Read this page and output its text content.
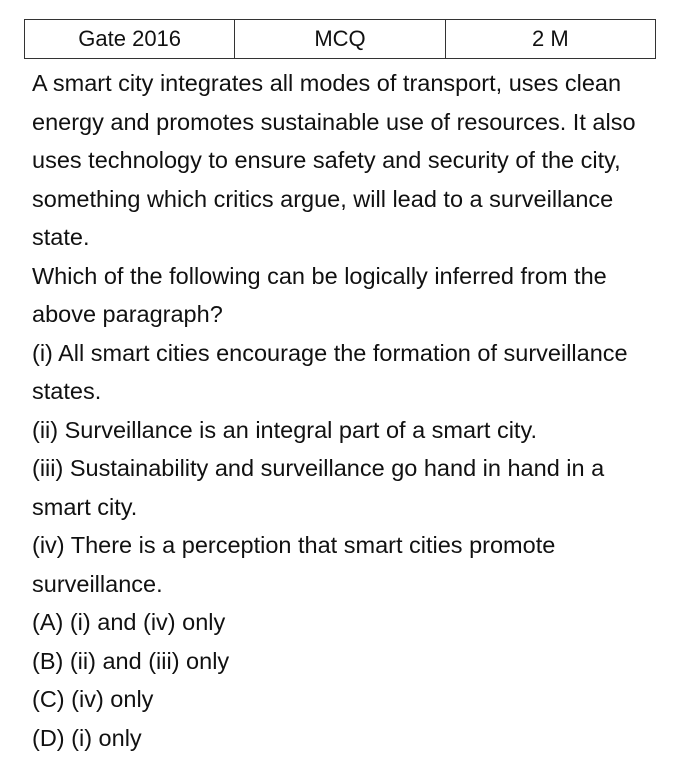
Gate 2016	MCQ	2 M

A smart city integrates all modes of transport, uses clean energy and promotes sustainable use of resources. It also uses technology to ensure safety and security of the city, something which critics argue, will lead to a surveillance state.

Which of the following can be logically inferred from the above paragraph?

(i) All smart cities encourage the formation of surveillance states.

(ii) Surveillance is an integral part of a smart city.

(iii) Sustainability and surveillance go hand in hand in a smart city.

(iv) There is a perception that smart cities promote surveillance.

(A) (i) and (iv) only

(B) (ii) and (iii) only

(C) (iv) only

(D) (i) only
